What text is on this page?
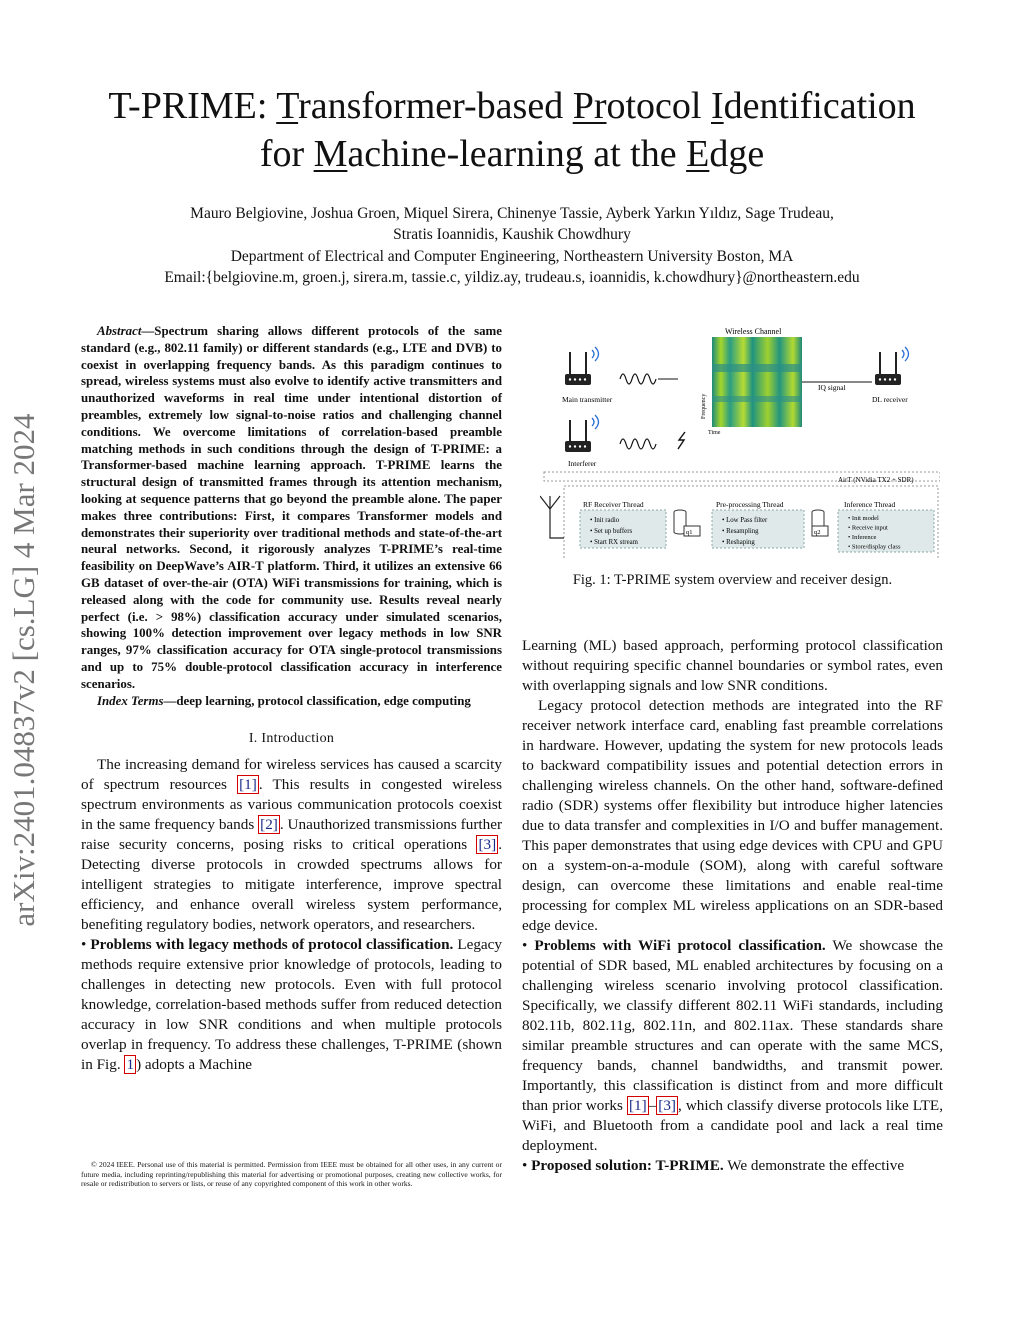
T-PRIME: Transformer-based Protocol Identification
for Machine-learning at the Edge
Mauro Belgiovine, Joshua Groen, Miquel Sirera, Chinenye Tassie, Ayberk Yarkın Yıldız, Sage Trudeau,
Stratis Ioannidis, Kaushik Chowdhury
Department of Electrical and Computer Engineering, Northeastern University Boston, MA
Email:{belgiovine.m, groen.j, sirera.m, tassie.c, yildiz.ay, trudeau.s, ioannidis, k.chowdhury}@northeastern.edu
arXiv:2401.04837v2 [cs.LG] 4 Mar 2024

Abstract—Spectrum sharing allows different protocols of the same standard (e.g., 802.11 family) or different standards (e.g., LTE and DVB) to coexist in overlapping frequency bands. As this paradigm continues to spread, wireless systems must also evolve to identify active transmitters and unauthorized waveforms in real time under intentional distortion of preambles, extremely low signal-to-noise ratios and challenging channel conditions. We overcome limitations of correlation-based preamble matching methods in such conditions through the design of T-PRIME: a Transformer-based machine learning approach. T-PRIME learns the structural design of transmitted frames through its attention mechanism, looking at sequence patterns that go beyond the preamble alone. The paper makes three contributions: First, it compares Transformer models and demonstrates their superiority over traditional methods and state-of-the-art neural networks. Second, it rigorously analyzes T-PRIME’s real-time feasibility on DeepWave’s AIR-T platform. Third, it utilizes an extensive 66 GB dataset of over-the-air (OTA) WiFi transmissions for training, which is released along with the code for community use. Results reveal nearly perfect (i.e. > 98%) classification accuracy under simulated scenarios, showing 100% detection improvement over legacy methods in low SNR ranges, 97% classification accuracy for OTA single-protocol transmissions and up to 75% double-protocol classification accuracy in interference scenarios.

Index Terms—deep learning, protocol classification, edge computing

I. Introduction

The increasing demand for wireless services has caused a scarcity of spectrum resources [1] . This results in congested wireless spectrum environments as various communication protocols coexist in the same frequency bands [2] . Unauthorized transmissions further raise security concerns, posing risks to critical operations [3] . Detecting diverse protocols in crowded spectrums allows for intelligent strategies to mitigate interference, improve spectral efficiency, and enhance overall wireless system performance, benefiting regulatory bodies, network operators, and researchers.

• Problems with legacy methods of protocol classification. Legacy methods require extensive prior knowledge of protocols, leading to challenges in detecting new protocols. Even with full protocol knowledge, correlation-based methods suffer from reduced detection accuracy in low SNR conditions and when multiple protocols overlap in frequency. To address these challenges, T-PRIME (shown in Fig. 1 ) adopts a Machine

© 2024 IEEE. Personal use of this material is permitted. Permission from IEEE must be obtained for all other uses, in any current or future media, including reprinting/republishing this material for advertising or promotional purposes, creating new collective works, for resale or redistribution to servers or lists, or reuse of any copyrighted component of this work in other works.
Wireless Channel
Frequency
Time
Main transmitter
Interferer
IQ signal
DL receiver
AirT (NVidia TX2 + SDR)
RF Receiver Thread
• Init radio
• Set up buffers
• Start RX stream
q1
Pre-processing Thread
• Low Pass filter
• Resampling
• Reshaping
q2
Inference Thread
• Init model
• Receive input
• Inference
• Store/display class
Fig. 1: T-PRIME system overview and receiver design.

Learning (ML) based approach, performing protocol classification without requiring specific channel boundaries or symbol rates, even with overlapping signals and low SNR conditions.

Legacy protocol detection methods are integrated into the RF receiver network interface card, enabling fast preamble correlations in hardware. However, updating the system for new protocols leads to backward compatibility issues and potential detection errors in challenging wireless channels. On the other hand, software-defined radio (SDR) systems offer flexibility but introduce higher latencies due to data transfer and complexities in I/O and buffer management. This paper demonstrates that using edge devices with CPU and GPU on a system-on-a-module (SOM), along with careful software design, can overcome these limitations and enable real-time processing for complex ML wireless applications on an SDR-based edge device.

• Problems with WiFi protocol classification. We showcase the potential of SDR based, ML enabled architectures by focusing on a challenging wireless scenario involving protocol classification. Specifically, we classify different 802.11 WiFi standards, including 802.11b, 802.11g, 802.11n, and 802.11ax. These standards share similar preamble structures and can operate with the same MCS, frequency bands, channel bandwidths, and transmit power. Importantly, this classification is distinct from and more difficult than prior works [1] – [3] , which classify diverse protocols like LTE, WiFi, and Bluetooth from a candidate pool and lack a real time deployment.

• Proposed solution: T-PRIME. We demonstrate the effective
